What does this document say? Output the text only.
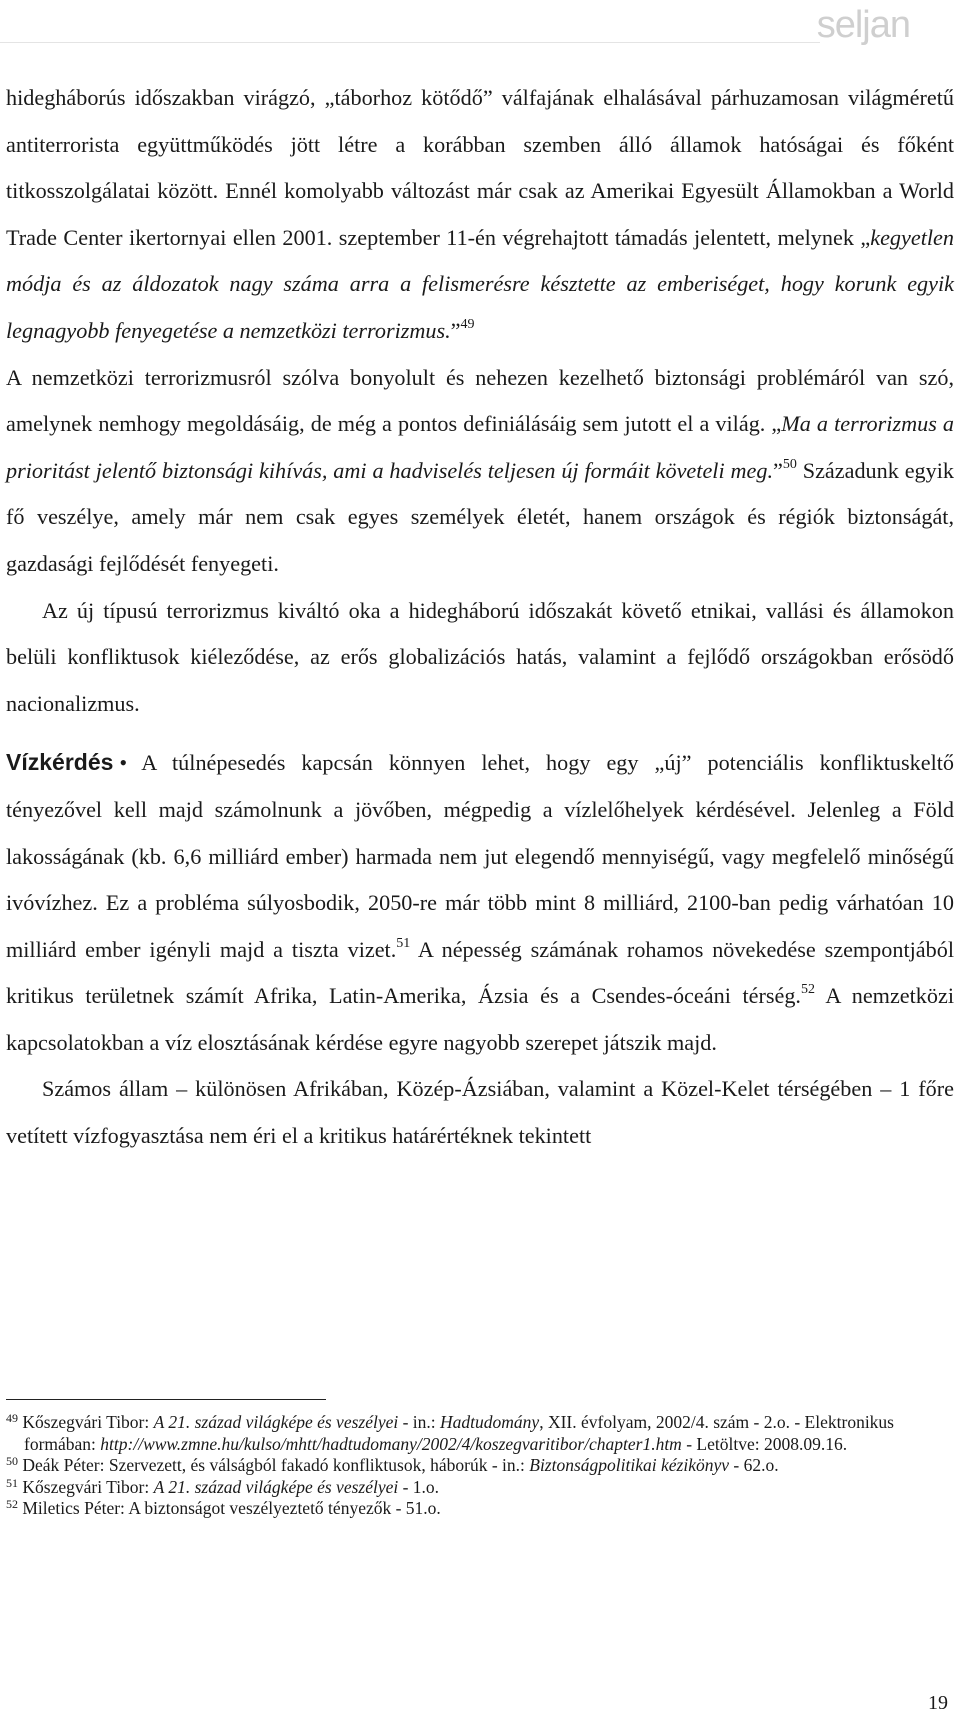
seljan

hidegháborús időszakban virágzó, „táborhoz kötődő” válfajának elhalásával párhuzamosan világméretű antiterrorista együttműködés jött létre a korábban szemben álló államok hatóságai és főként titkosszolgálatai között. Ennél komolyabb változást már csak az Amerikai Egyesült Államokban a World Trade Center ikertornyai ellen 2001. szeptember 11-én végrehajtott támadás jelentett, melynek „kegyetlen módja és az áldozatok nagy száma arra a felismerésre késztette az emberiséget, hogy korunk egyik legnagyobb fenyegetése a nemzetközi terrorizmus.”$^{49}$

A nemzetközi terrorizmusról szólva bonyolult és nehezen kezelhető biztonsági problémáról van szó, amelynek nemhogy megoldásáig, de még a pontos definiálásáig sem jutott el a világ. „Ma a terrorizmus a prioritást jelentő biztonsági kihívás, ami a hadviselés teljesen új formáit követeli meg.”$^{50}$ Századunk egyik fő veszélye, amely már nem csak egyes személyek életét, hanem országok és régiók biztonságát, gazdasági fejlődését fenyegeti.

Az új típusú terrorizmus kiváltó oka a hidegháború időszakát követő etnikai, vallási és államokon belüli konfliktusok kiéleződése, az erős globalizációs hatás, valamint a fejlődő országokban erősödő nacionalizmus.

Vízkérdés • A túlnépesedés kapcsán könnyen lehet, hogy egy „új” potenciális konfliktuskeltő tényezővel kell majd számolnunk a jövőben, mégpedig a vízlelőhelyek kérdésével. Jelenleg a Föld lakosságának (kb. 6,6 milliárd ember) harmada nem jut elegendő mennyiségű, vagy megfelelő minőségű ivóvízhez. Ez a probléma súlyosbodik, 2050-re már több mint 8 milliárd, 2100-ban pedig várhatóan 10 milliárd ember igényli majd a tiszta vizet.$^{51}$ A népesség számának rohamos növekedése szempontjából kritikus területnek számít Afrika, Latin-Amerika, Ázsia és a Csendes-óceáni térség.$^{52}$ A nemzetközi kapcsolatokban a víz elosztásának kérdése egyre nagyobb szerepet játszik majd.

Számos állam – különösen Afrikában, Közép-Ázsiában, valamint a Közel-Kelet térségében – 1 főre vetített vízfogyasztása nem éri el a kritikus határértéknek tekintett

$^{49}$ Kőszegvári Tibor: A 21. század világképe és veszélyei - in.: Hadtudomány, XII. évfolyam, 2002/4. szám - 2.o. - Elektronikus formában: http://www.zmne.hu/kulso/mhtt/hadtudomany/2002/4/koszegvaritibor/chapter1.htm - Letöltve: 2008.09.16.
$^{50}$ Deák Péter: Szervezett, és válságból fakadó konfliktusok, háborúk - in.: Biztonságpolitikai kézikönyv - 62.o.
$^{51}$ Kőszegvári Tibor: A 21. század világképe és veszélyei - 1.o.
$^{52}$ Miletics Péter: A biztonságot veszélyeztető tényezők - 51.o.
19
